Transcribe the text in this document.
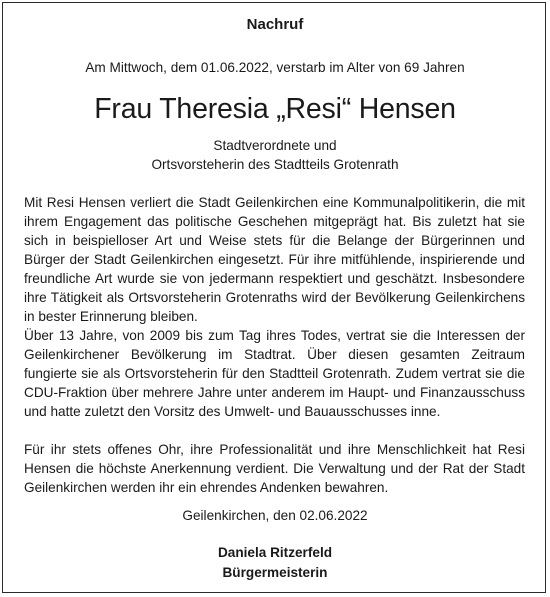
Nachruf
Am Mittwoch, dem 01.06.2022, verstarb im Alter von 69 Jahren
Frau Theresia „Resi“ Hensen
Stadtverordnete und
Ortsvorsteherin des Stadtteils Grotenrath
Mit Resi Hensen verliert die Stadt Geilenkirchen eine Kommunalpolitikerin, die mit ihrem Engagement das politische Geschehen mitgeprägt hat. Bis zuletzt hat sie sich in beispielloser Art und Weise stets für die Belange der Bürgerinnen und Bürger der Stadt Geilenkirchen eingesetzt. Für ihre mitfühlende, inspirierende und freundliche Art wurde sie von jedermann respektiert und geschätzt. Insbesondere ihre Tätigkeit als Ortsvorsteherin Grotenraths wird der Bevölkerung Geilenkirchens in bester Erinnerung bleiben.
Über 13 Jahre, von 2009 bis zum Tag ihres Todes, vertrat sie die Interessen der Geilenkirchener Bevölkerung im Stadtrat. Über diesen gesamten Zeitraum fungierte sie als Ortsvorsteherin für den Stadtteil Grotenrath. Zudem vertrat sie die CDU-Fraktion über mehrere Jahre unter anderem im Haupt- und Finanzausschuss und hatte zuletzt den Vorsitz des Umwelt- und Bauausschusses inne.
Für ihr stets offenes Ohr, ihre Professionalität und ihre Menschlichkeit hat Resi Hensen die höchste Anerkennung verdient. Die Verwaltung und der Rat der Stadt Geilenkirchen werden ihr ein ehrendes Andenken bewahren.
Geilenkirchen, den 02.06.2022
Daniela Ritzerfeld
Bürgermeisterin
